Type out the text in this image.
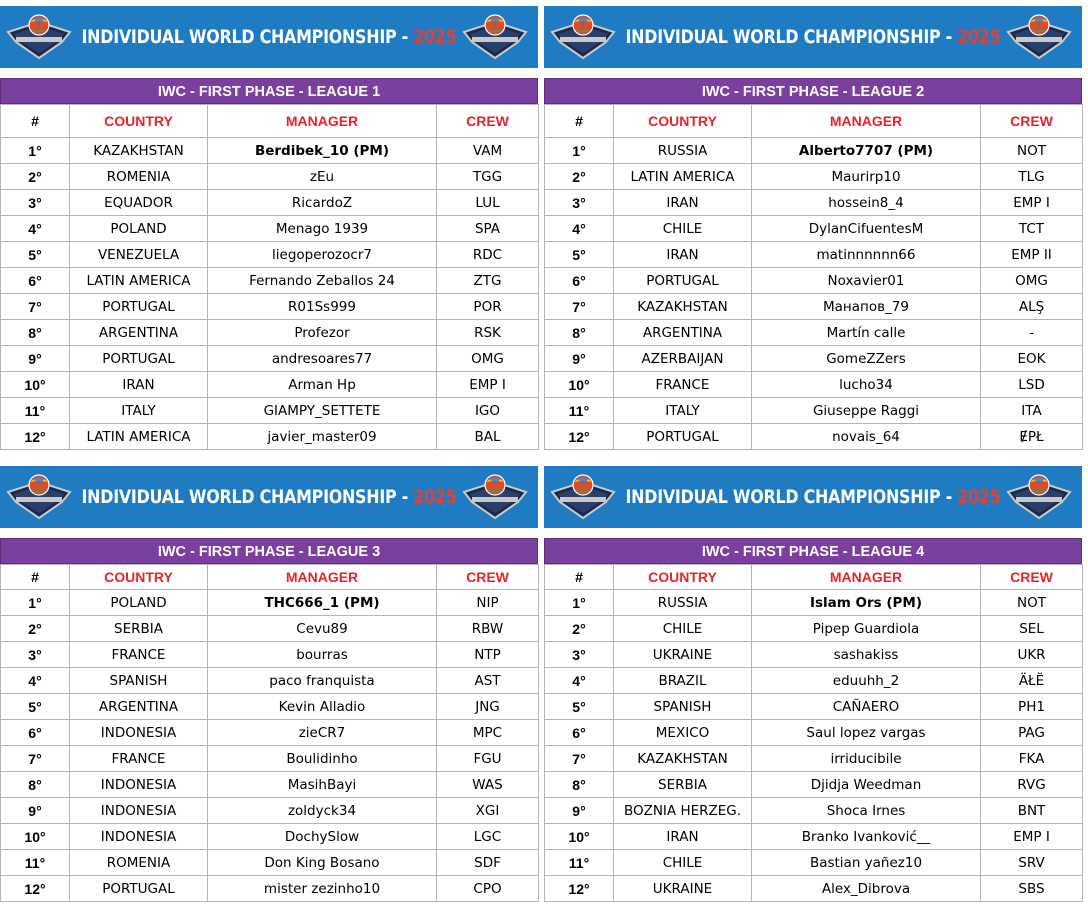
INDIVIDUAL WORLD CHAMPIONSHIP - 2025
IWC - FIRST PHASE - LEAGUE 1
#	COUNTRY	MANAGER	CREW
1°	KAZAKHSTAN	Berdibek_10 (PM)	VAM
2°	ROMENIA	zEu	TGG
3°	EQUADOR	RicardoZ	LUL
4°	POLAND	Menago 1939	SPA
5°	VENEZUELA	liegoperozocr7	RDC
6°	LATIN AMERICA	Fernando Zeballos 24	ZTG
7°	PORTUGAL	R01Ss999	POR
8°	ARGENTINA	Profezor	RSK
9°	PORTUGAL	andresoares77	OMG
10°	IRAN	Arman Hp	EMP I
11°	ITALY	GIAMPY_SETTETE	IGO
12°	LATIN AMERICA	javier_master09	BAL
INDIVIDUAL WORLD CHAMPIONSHIP - 2025
IWC - FIRST PHASE - LEAGUE 2
#	COUNTRY	MANAGER	CREW
1°	RUSSIA	Alberto7707 (PM)	NOT
2°	LATIN AMERICA	Maurirp10	TLG
3°	IRAN	hossein8_4	EMP I
4°	CHILE	DylanCifuentesM	TCT
5°	IRAN	matinnnnnn66	EMP II
6°	PORTUGAL	Noxavier01	OMG
7°	KAZAKHSTAN	Манапов_79	ALŞ
8°	ARGENTINA	Martín calle	-
9°	AZERBAIJAN	GomeZZers	EOK
10°	FRANCE	lucho34	LSD
11°	ITALY	Giuseppe Raggi	ITA
12°	PORTUGAL	novais_64	ɆPŁ
INDIVIDUAL WORLD CHAMPIONSHIP - 2025
IWC - FIRST PHASE - LEAGUE 3
#	COUNTRY	MANAGER	CREW
1°	POLAND	THC666_1 (PM)	NIP
2°	SERBIA	Cevu89	RBW
3°	FRANCE	bourras	NTP
4°	SPANISH	paco franquista	AST
5°	ARGENTINA	Kevin Alladio	JNG
6°	INDONESIA	zieCR7	MPC
7°	FRANCE	Boulidinho	FGU
8°	INDONESIA	MasihBayi	WAS
9°	INDONESIA	zoldyck34	XGI
10°	INDONESIA	DochySlow	LGC
11°	ROMENIA	Don King Bosano	SDF
12°	PORTUGAL	mister zezinho10	CPO
INDIVIDUAL WORLD CHAMPIONSHIP - 2025
IWC - FIRST PHASE - LEAGUE 4
#	COUNTRY	MANAGER	CREW
1°	RUSSIA	Islam Ors (PM)	NOT
2°	CHILE	Pipep Guardiola	SEL
3°	UKRAINE	sashakiss	UKR
4°	BRAZIL	eduuhh_2	ÄŁË
5°	SPANISH	CAÑAERO	PH1
6°	MEXICO	Saul lopez vargas	PAG
7°	KAZAKHSTAN	irriducibile	FKA
8°	SERBIA	Djidja Weedman	RVG
9°	BOZNIA HERZEG.	Shoca Irnes	BNT
10°	IRAN	Branko Ivanković__	EMP I
11°	CHILE	Bastian yañez10	SRV
12°	UKRAINE	Alex_Dibrova	SBS
